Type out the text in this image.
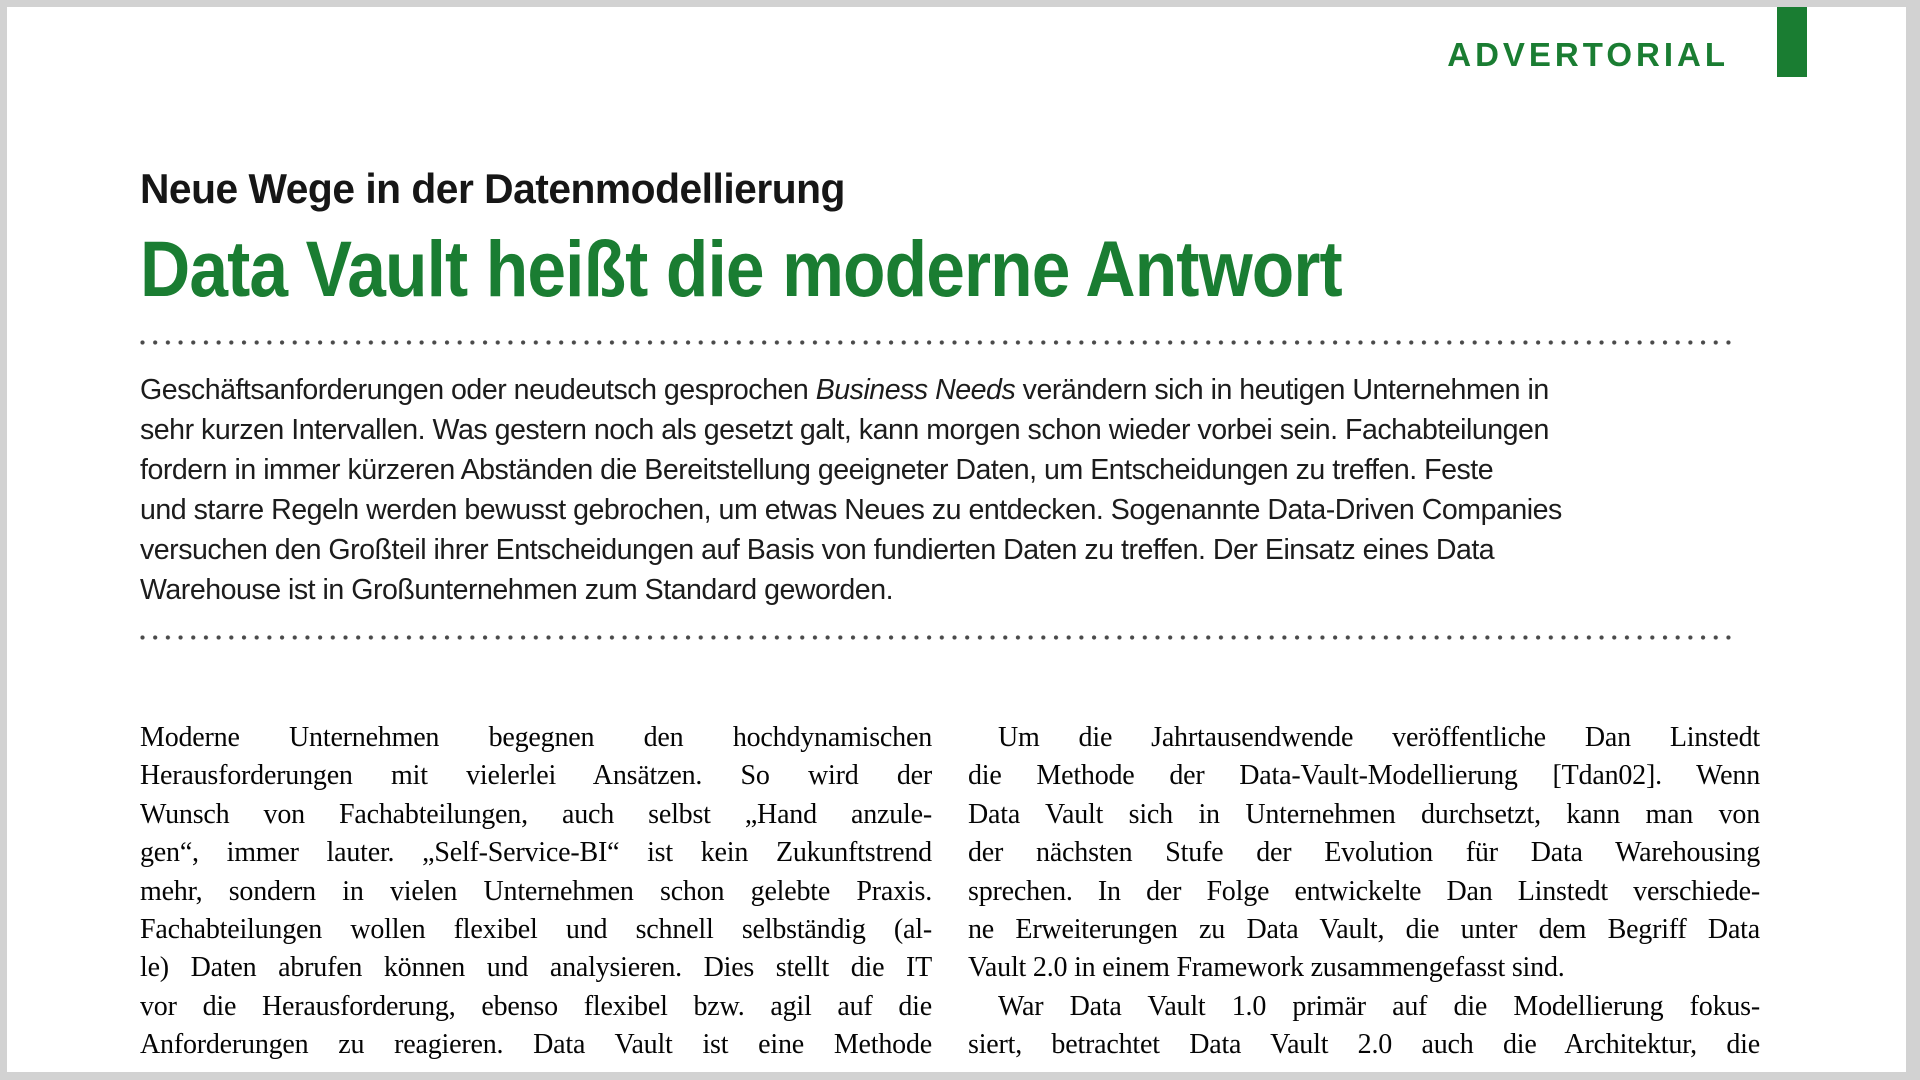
ADVERTORIAL
Neue Wege in der Datenmodellierung
Data Vault heißt die moderne Antwort
Geschäftsanforderungen oder neudeutsch gesprochen Business Needs verändern sich in heutigen Unternehmen in
sehr kurzen Intervallen. Was gestern noch als gesetzt galt, kann morgen schon wieder vorbei sein. Fachabteilungen
fordern in immer kürzeren Abständen die Bereitstellung geeigneter Daten, um Entscheidungen zu treffen. Feste
und starre Regeln werden bewusst gebrochen, um etwas Neues zu entdecken. Sogenannte Data-Driven Companies
versuchen den Großteil ihrer Entscheidungen auf Basis von fundierten Daten zu treffen. Der Einsatz eines Data
Warehouse ist in Großunternehmen zum Standard geworden.
Moderne Unternehmen begegnen den hochdynamischen
Herausforderungen mit vielerlei Ansätzen. So wird der
Wunsch von Fachabteilungen, auch selbst „Hand anzule-
gen“, immer lauter. „Self-Service-BI“ ist kein Zukunftstrend
mehr, sondern in vielen Unternehmen schon gelebte Praxis.
Fachabteilungen wollen flexibel und schnell selbständig (al-
le) Daten abrufen können und analysieren. Dies stellt die IT
vor die Herausforderung, ebenso flexibel bzw. agil auf die
Anforderungen zu reagieren. Data Vault ist eine Methode
Um die Jahrtausendwende veröffentliche Dan Linstedt
die Methode der Data-Vault-Modellierung [Tdan02]. Wenn
Data Vault sich in Unternehmen durchsetzt, kann man von
der nächsten Stufe der Evolution für Data Warehousing
sprechen. In der Folge entwickelte Dan Linstedt verschiede-
ne Erweiterungen zu Data Vault, die unter dem Begriff Data
Vault 2.0 in einem Framework zusammengefasst sind.
War Data Vault 1.0 primär auf die Modellierung fokus-
siert, betrachtet Data Vault 2.0 auch die Architektur, die
